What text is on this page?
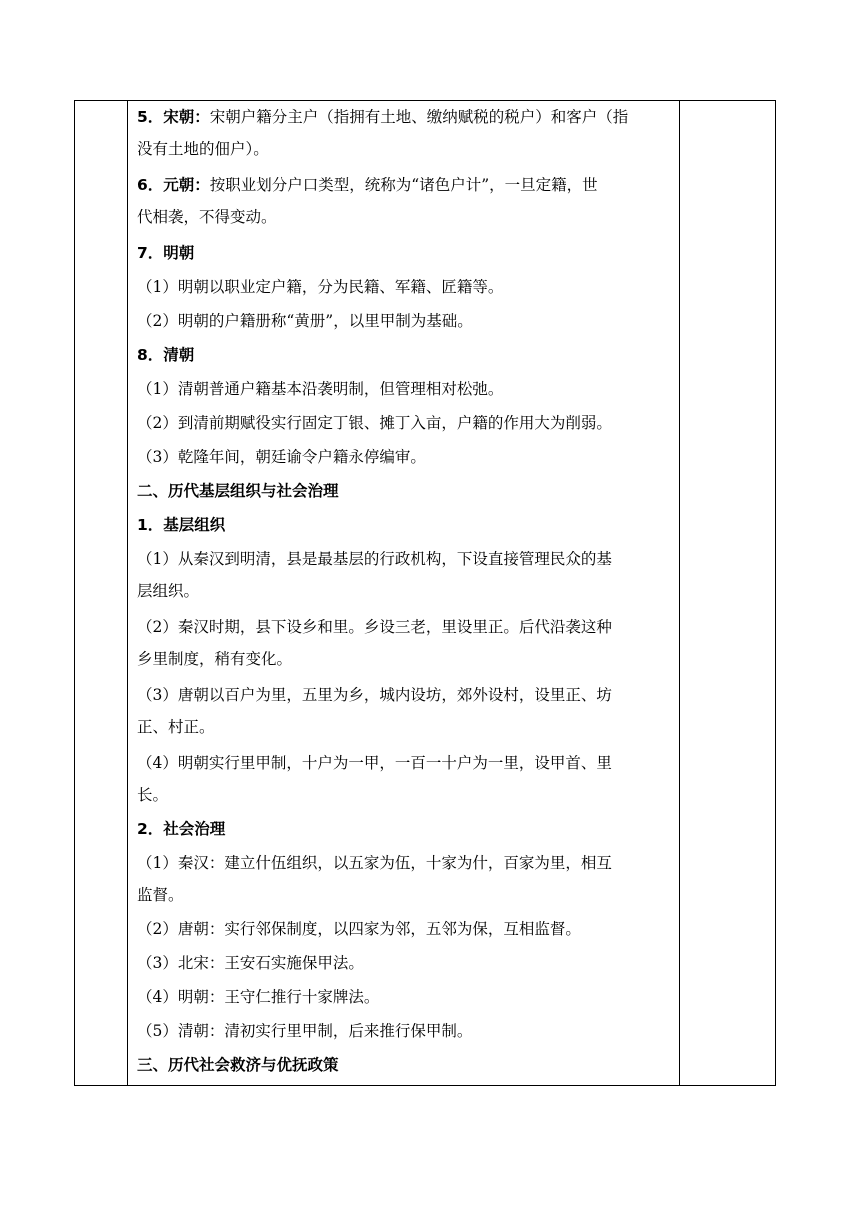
5．宋朝：宋朝户籍分主户（指拥有土地、缴纳赋税的税户）和客户（指
没有土地的佃户）。
6．元朝：按职业划分户口类型，统称为“诸色户计”，一旦定籍，世
代相袭，不得变动。
7．明朝
（1）明朝以职业定户籍，分为民籍、军籍、匠籍等。
（2）明朝的户籍册称“黄册”，以里甲制为基础。
8．清朝
（1）清朝普通户籍基本沿袭明制，但管理相对松弛。
（2）到清前期赋役实行固定丁银、摊丁入亩，户籍的作用大为削弱。
（3）乾隆年间，朝廷谕令户籍永停编审。
二、历代基层组织与社会治理
1．基层组织
（1）从秦汉到明清，县是最基层的行政机构，下设直接管理民众的基
层组织。
（2）秦汉时期，县下设乡和里。乡设三老，里设里正。后代沿袭这种
乡里制度，稍有变化。
（3）唐朝以百户为里，五里为乡，城内设坊，郊外设村，设里正、坊
正、村正。
（4）明朝实行里甲制，十户为一甲，一百一十户为一里，设甲首、里
长。
2．社会治理
（1）秦汉：建立什伍组织，以五家为伍，十家为什，百家为里，相互
监督。
（2）唐朝：实行邻保制度，以四家为邻，五邻为保，互相监督。
（3）北宋：王安石实施保甲法。
（4）明朝：王守仁推行十家牌法。
（5）清朝：清初实行里甲制，后来推行保甲制。
三、历代社会救济与优抚政策
